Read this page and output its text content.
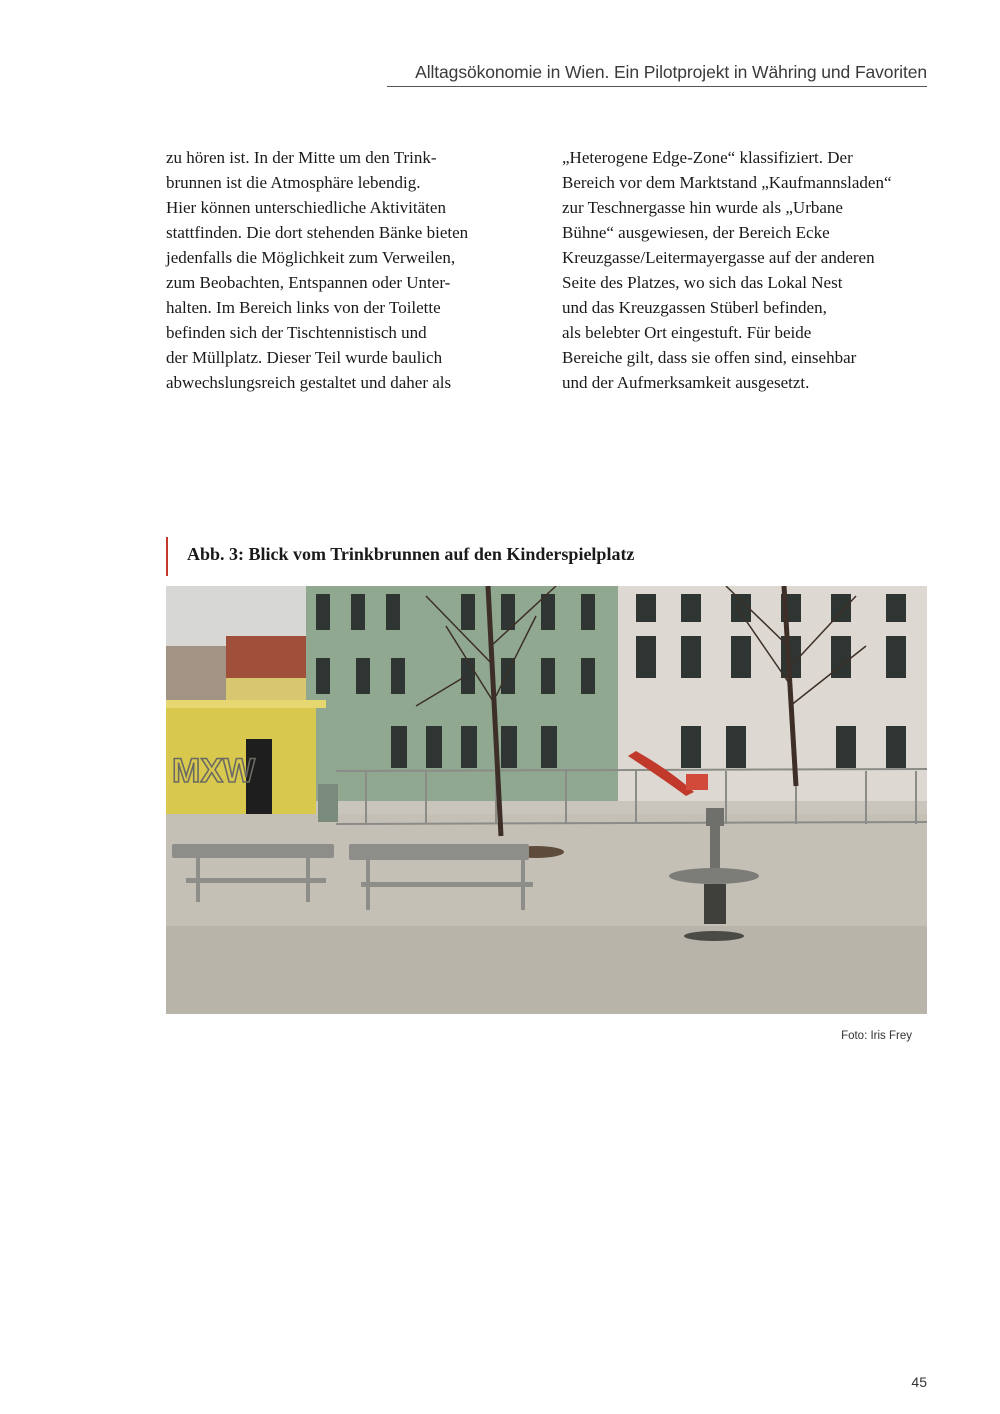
Alltagsökonomie in Wien. Ein Pilotprojekt in Währing und Favoriten
zu hören ist. In der Mitte um den Trink-
brunnen ist die Atmosphäre lebendig.
Hier können unterschiedliche Aktivitäten
stattfinden. Die dort stehenden Bänke bieten
jedenfalls die Möglichkeit zum Verweilen,
zum Beobachten, Entspannen oder Unter-
halten. Im Bereich links von der Toilette
befinden sich der Tischtennistisch und
der Müllplatz. Dieser Teil wurde baulich
abwechslungsreich gestaltet und daher als
„Heterogene Edge-Zone“ klassifiziert. Der
Bereich vor dem Marktstand „Kaufmannsladen“
zur Teschnergasse hin wurde als „Urbane
Bühne“ ausgewiesen, der Bereich Ecke
Kreuzgasse/Leitermayergasse auf der anderen
Seite des Platzes, wo sich das Lokal Nest
und das Kreuzgassen Stüberl befinden,
als belebter Ort eingestuft. Für beide
Bereiche gilt, dass sie offen sind, einsehbar
und der Aufmerksamkeit ausgesetzt.
Abb. 3: Blick vom Trinkbrunnen auf den Kinderspielplatz
MXW
Foto: Iris Frey
45
